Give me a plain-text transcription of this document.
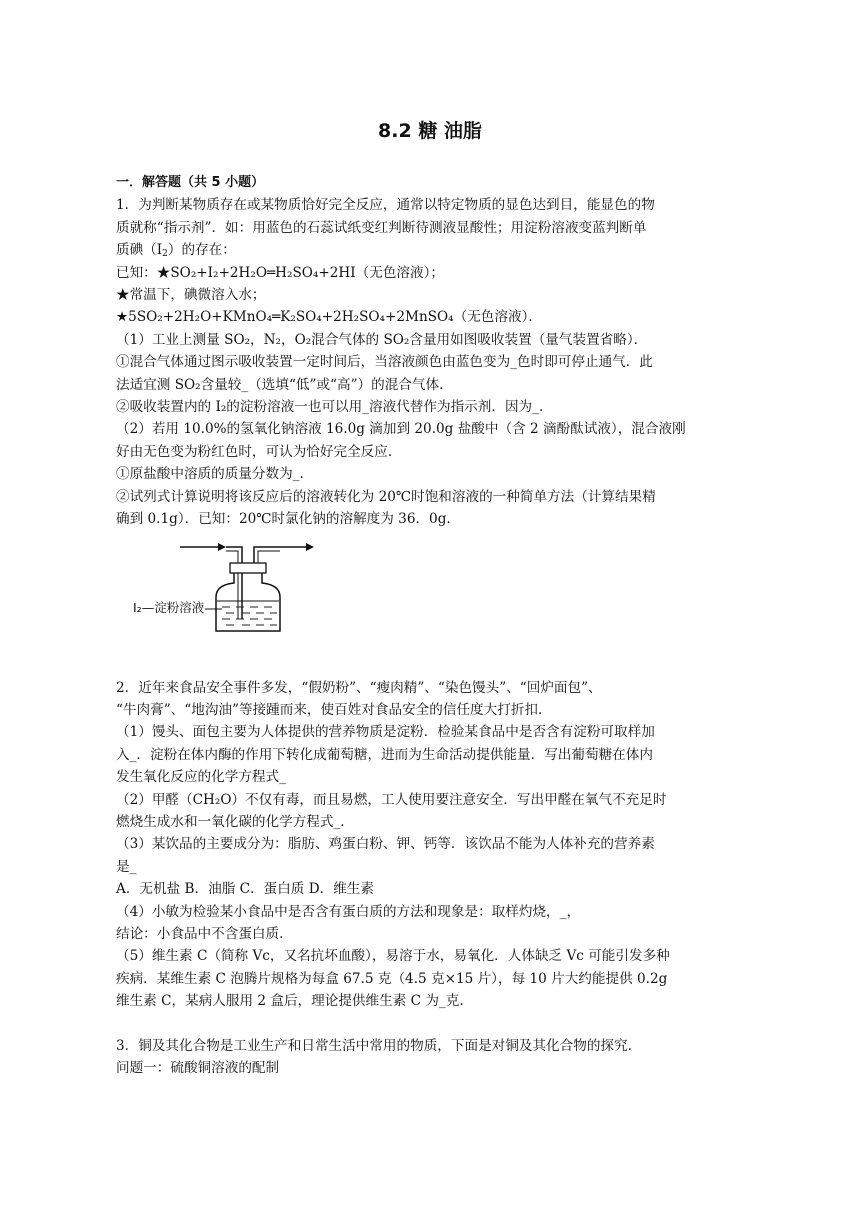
8.2 糖 油脂

一．解答题（共 5 小题）

1．为判断某物质存在或某物质恰好完全反应，通常以特定物质的显色达到目，能显色的物

质就称“指示剂”．如：用蓝色的石蕊试纸变红判断待测液显酸性；用淀粉溶液变蓝判断单

质碘$(I_2)$的存在：

已知：★SO₂+I₂+2H₂O═H₂SO₄+2HI（无色溶液）；

★常温下，碘微溶入水；

★5SO₂+2H₂O+KMnO₄═K₂SO₄+2H₂SO₄+2MnSO₄（无色溶液）．

（1）工业上测量 SO₂，N₂，O₂混合气体的 SO₂含量用如图吸收装置（量气装置省略）．

①混合气体通过图示吸收装置一定时间后，当溶液颜色由蓝色变为_色时即可停止通气．此

法适宜测 SO₂含量较_（选填“低”或“高”）的混合气体.

②吸收装置内的 I₂的淀粉溶液一也可以用_溶液代替作为指示剂．因为_.

（2）若用 10.0%的氢氧化钠溶液 16.0g 滴加到 20.0g 盐酸中（含 2 滴酚酞试液），混合液刚

好由无色变为粉红色时，可认为恰好完全反应.

①原盐酸中溶质的质量分数为_.

②试列式计算说明将该反应后的溶液转化为 20℃时饱和溶液的一种简单方法（计算结果精

确到 0.1g）．已知：20℃时氯化钠的溶解度为 36．0g.

I₂—淀粉溶液

2．近年来食品安全事件多发，“假奶粉”、“瘦肉精”、“染色馒头”、“回炉面包”、

“牛肉膏”、“地沟油”等接踵而来，使百姓对食品安全的信任度大打折扣.

（1）馒头、面包主要为人体提供的营养物质是淀粉．检验某食品中是否含有淀粉可取样加

入_．淀粉在体内酶的作用下转化成葡萄糖，进而为生命活动提供能量．写出葡萄糖在体内

发生氧化反应的化学方程式_

（2）甲醛（CH₂O）不仅有毒，而且易燃，工人使用要注意安全．写出甲醛在氧气不充足时

燃烧生成水和一氧化碳的化学方程式_.

（3）某饮品的主要成分为：脂肪、鸡蛋白粉、钾、钙等．该饮品不能为人体补充的营养素

是_

A．无机盐 B．油脂 C．蛋白质 D．维生素

（4）小敏为检验某小食品中是否含有蛋白质的方法和现象是：取样灼烧，_，

结论：小食品中不含蛋白质.

（5）维生素 C（简称 Vc，又名抗坏血酸），易溶于水，易氧化．人体缺乏 Vc 可能引发多种

疾病．某维生素 C 泡腾片规格为每盒 67.5 克（4.5 克×15 片），每 10 片大约能提供 0.2g

维生素 C，某病人服用 2 盒后，理论提供维生素 C 为_克.

3．铜及其化合物是工业生产和日常生活中常用的物质，下面是对铜及其化合物的探究.

问题一：硫酸铜溶液的配制
